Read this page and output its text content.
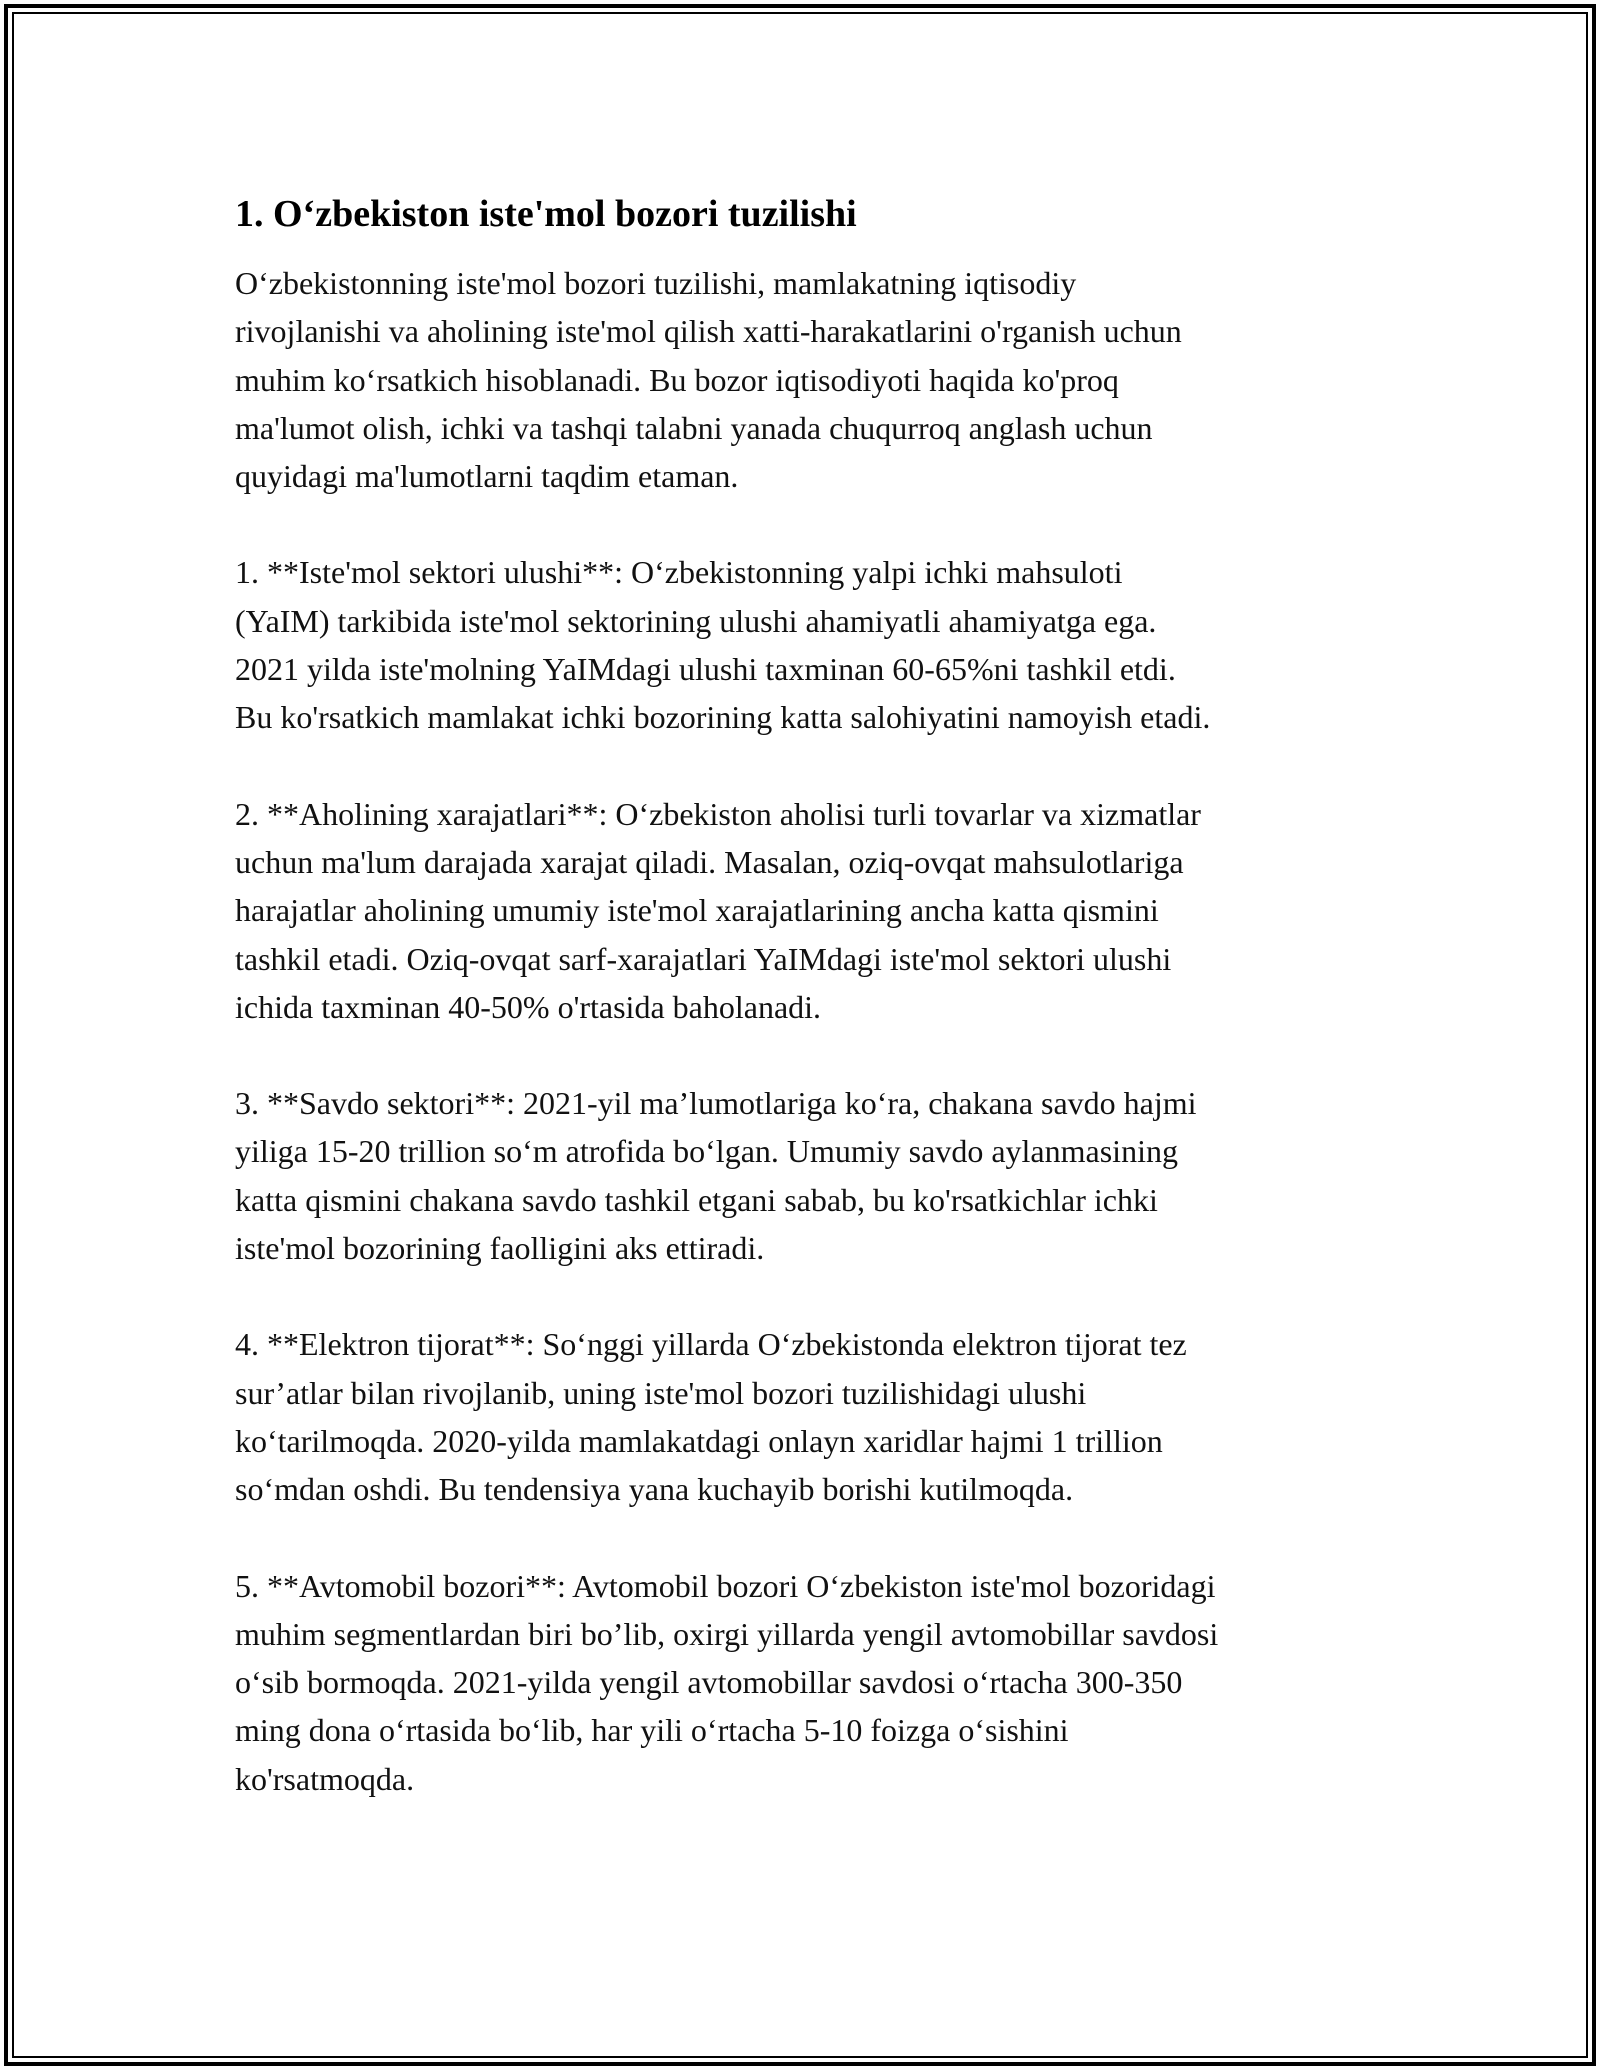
1. O‘zbekiston iste'mol bozori tuzilishi

O‘zbekistonning iste'mol bozori tuzilishi, mamlakatning iqtisodiy
rivojlanishi va aholining iste'mol qilish xatti-harakatlarini o'rganish uchun
muhim ko‘rsatkich hisoblanadi. Bu bozor iqtisodiyoti haqida ko'proq
ma'lumot olish, ichki va tashqi talabni yanada chuqurroq anglash uchun
quyidagi ma'lumotlarni taqdim etaman.

1. **Iste'mol sektori ulushi**: O‘zbekistonning yalpi ichki mahsuloti
(YaIM) tarkibida iste'mol sektorining ulushi ahamiyatli ahamiyatga ega.
2021 yilda iste'molning YaIMdagi ulushi taxminan 60-65%ni tashkil etdi.
Bu ko'rsatkich mamlakat ichki bozorining katta salohiyatini namoyish etadi.

2. **Aholining xarajatlari**: O‘zbekiston aholisi turli tovarlar va xizmatlar
uchun ma'lum darajada xarajat qiladi. Masalan, oziq-ovqat mahsulotlariga
harajatlar aholining umumiy iste'mol xarajatlarining ancha katta qismini
tashkil etadi. Oziq-ovqat sarf-xarajatlari YaIMdagi iste'mol sektori ulushi
ichida taxminan 40-50% o'rtasida baholanadi.

3. **Savdo sektori**: 2021-yil ma’lumotlariga ko‘ra, chakana savdo hajmi
yiliga 15-20 trillion so‘m atrofida bo‘lgan. Umumiy savdo aylanmasining
katta qismini chakana savdo tashkil etgani sabab, bu ko'rsatkichlar ichki
iste'mol bozorining faolligini aks ettiradi.

4. **Elektron tijorat**: So‘nggi yillarda O‘zbekistonda elektron tijorat tez
sur’atlar bilan rivojlanib, uning iste'mol bozori tuzilishidagi ulushi
ko‘tarilmoqda. 2020-yilda mamlakatdagi onlayn xaridlar hajmi 1 trillion
so‘mdan oshdi. Bu tendensiya yana kuchayib borishi kutilmoqda.

5. **Avtomobil bozori**: Avtomobil bozori O‘zbekiston iste'mol bozoridagi
muhim segmentlardan biri bo’lib, oxirgi yillarda yengil avtomobillar savdosi
o‘sib bormoqda. 2021-yilda yengil avtomobillar savdosi o‘rtacha 300-350
ming dona o‘rtasida bo‘lib, har yili o‘rtacha 5-10 foizga o‘sishini
ko'rsatmoqda.
